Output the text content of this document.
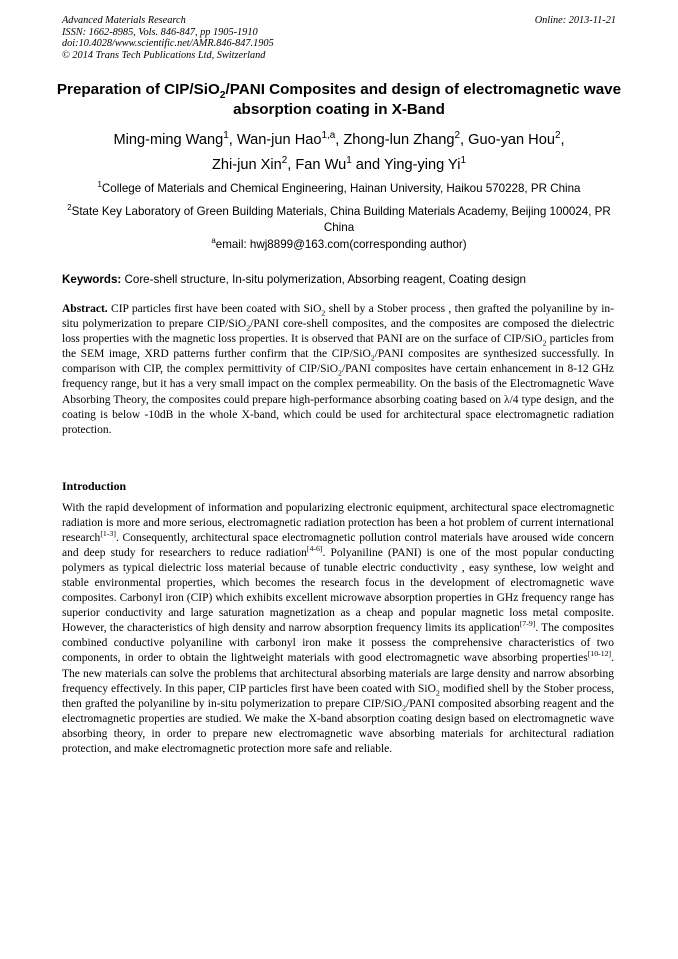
Advanced Materials Research
ISSN: 1662-8985, Vols. 846-847, pp 1905-1910
doi:10.4028/www.scientific.net/AMR.846-847.1905
© 2014 Trans Tech Publications Ltd, Switzerland
Online: 2013-11-21
Preparation of CIP/SiO$_2$/PANI Composites and design of electromagnetic wave absorption coating in X-Band
Ming-ming Wang$^1$, Wan-jun Hao$^{1,a}$, Zhong-lun Zhang$^2$, Guo-yan Hou$^2$,
Zhi-jun Xin$^2$, Fan Wu$^1$ and Ying-ying Yi$^1$
$^1$College of Materials and Chemical Engineering, Hainan University, Haikou 570228, PR China
$^2$State Key Laboratory of Green Building Materials, China Building Materials Academy, Beijing 100024, PR China
$^a$email: hwj8899@163.com(corresponding author)
Keywords: Core-shell structure, In-situ polymerization, Absorbing reagent, Coating design
Abstract. CIP particles first have been coated with SiO$_2$ shell by a Stober process , then grafted the polyaniline by in-situ polymerization to prepare CIP/SiO$_2$/PANI core-shell composites, and the composites are composed the dielectric loss properties with the magnetic loss properties. It is observed that PANI are on the surface of CIP/SiO$_2$ particles from the SEM image, XRD patterns further confirm that the CIP/SiO$_2$/PANI composites are synthesized successfully. In comparison with CIP, the complex permittivity of CIP/SiO$_2$/PANI composites have certain enhancement in 8-12 GHz frequency range, but it has a very small impact on the complex permeability. On the basis of the Electromagnetic Wave Absorbing Theory, the composites could prepare high-performance absorbing coating based on λ/4 type design, and the coating is below -10dB in the whole X-band, which could be used for architectural space electromagnetic radiation protection.
Introduction
With the rapid development of information and popularizing electronic equipment, architectural space electromagnetic radiation is more and more serious, electromagnetic radiation protection has been a hot problem of current international research[1-3]. Consequently, architectural space electromagnetic pollution control materials have aroused wide concern and deep study for researchers to reduce radiation[4-6]. Polyaniline (PANI) is one of the most popular conducting polymers as typical dielectric loss material because of tunable electric conductivity , easy synthese, low weight and stable environmental properties, which becomes the research focus in the development of electromagnetic wave composites. Carbonyl iron (CIP) which exhibits excellent microwave absorption properties in GHz frequency range has superior conductivity and large saturation magnetization as a cheap and popular magnetic loss metal composite. However, the characteristics of high density and narrow absorption frequency limits its application[7-9]. The composites combined conductive polyaniline with carbonyl iron make it possess the comprehensive characteristics of two components, in order to obtain the lightweight materials with good electromagnetic wave absorbing properties[10-12]. The new materials can solve the problems that architectural absorbing materials are large density and narrow absorbing frequency effectively. In this paper, CIP particles first have been coated with SiO$_2$ modified shell by the Stober process, then grafted the polyaniline by in-situ polymerization to prepare CIP/SiO$_2$/PANI composited absorbing reagent and the electromagnetic properties are studied. We make the X-band absorption coating design based on electromagnetic wave absorbing theory, in order to prepare new electromagnetic wave absorbing materials for architectural radiation protection, and make electromagnetic protection more safe and reliable.
